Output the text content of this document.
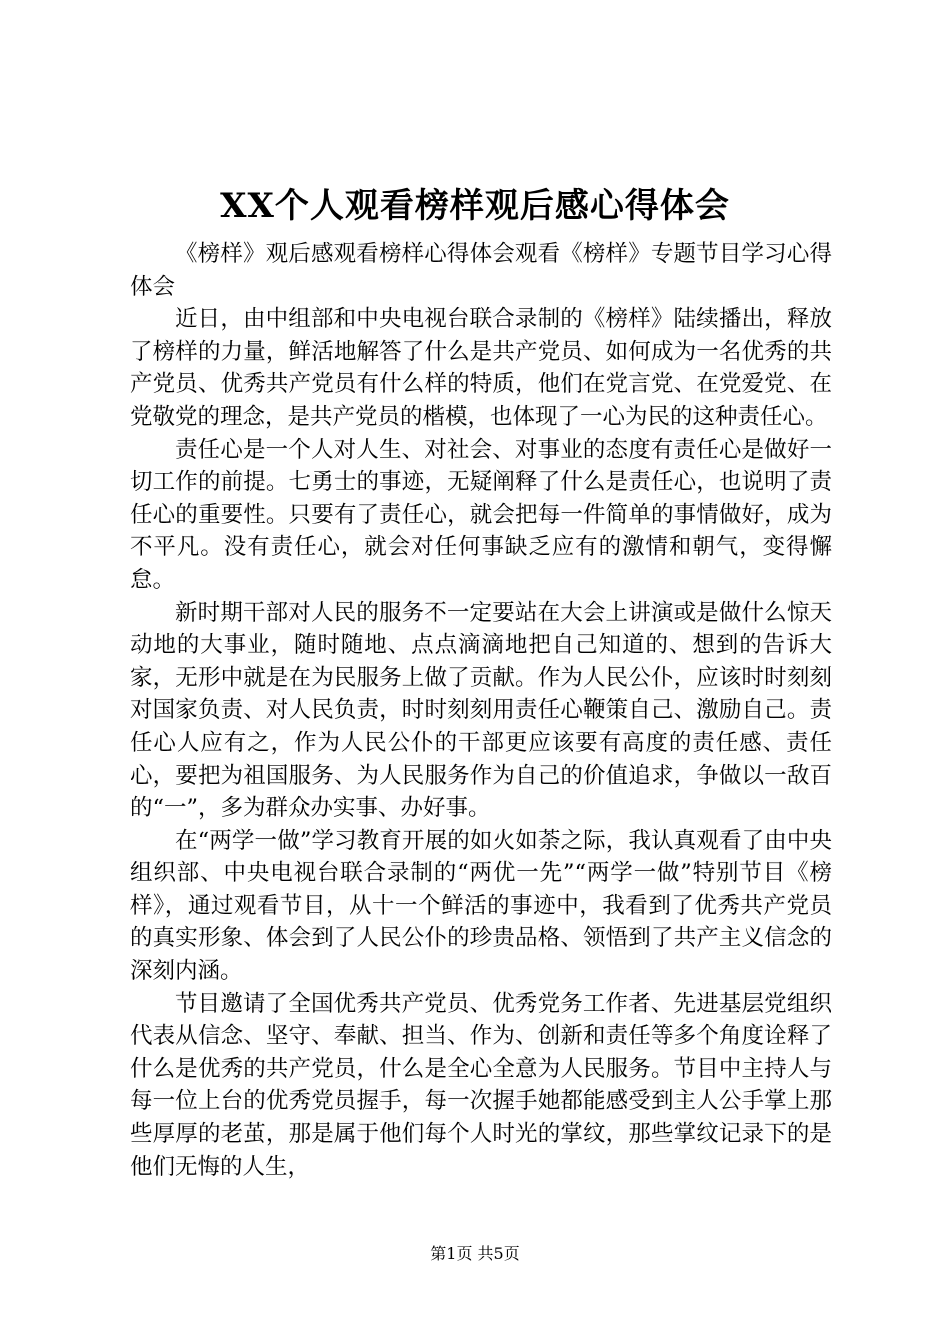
XX个人观看榜样观后感心得体会

《榜样》观后感观看榜样心得体会观看《榜样》专题节目学习心得体会

近日，由中组部和中央电视台联合录制的《榜样》陆续播出，释放了榜样的力量，鲜活地解答了什么是共产党员、如何成为一名优秀的共产党员、优秀共产党员有什么样的特质，他们在党言党、在党爱党、在党敬党的理念，是共产党员的楷模，也体现了一心为民的这种责任心。

责任心是一个人对人生、对社会、对事业的态度有责任心是做好一切工作的前提。七勇士的事迹，无疑阐释了什么是责任心，也说明了责任心的重要性。只要有了责任心，就会把每一件简单的事情做好，成为不平凡。没有责任心，就会对任何事缺乏应有的激情和朝气，变得懈怠。

新时期干部对人民的服务不一定要站在大会上讲演或是做什么惊天动地的大事业，随时随地、点点滴滴地把自己知道的、想到的告诉大家，无形中就是在为民服务上做了贡献。作为人民公仆，应该时时刻刻对国家负责、对人民负责，时时刻刻用责任心鞭策自己、激励自己。责任心人应有之，作为人民公仆的干部更应该要有高度的责任感、责任心，要把为祖国服务、为人民服务作为自己的价值追求，争做以一敌百的“一”，多为群众办实事、办好事。

在“两学一做”学习教育开展的如火如荼之际，我认真观看了由中央组织部、中央电视台联合录制的“两优一先”“两学一做”特别节目《榜样》，通过观看节目，从十一个鲜活的事迹中，我看到了优秀共产党员的真实形象、体会到了人民公仆的珍贵品格、领悟到了共产主义信念的深刻内涵。

节目邀请了全国优秀共产党员、优秀党务工作者、先进基层党组织代表从信念、坚守、奉献、担当、作为、创新和责任等多个角度诠释了什么是优秀的共产党员，什么是全心全意为人民服务。节目中主持人与每一位上台的优秀党员握手，每一次握手她都能感受到主人公手掌上那些厚厚的老茧，那是属于他们每个人时光的掌纹，那些掌纹记录下的是他们无悔的人生，

第1页 共5页
